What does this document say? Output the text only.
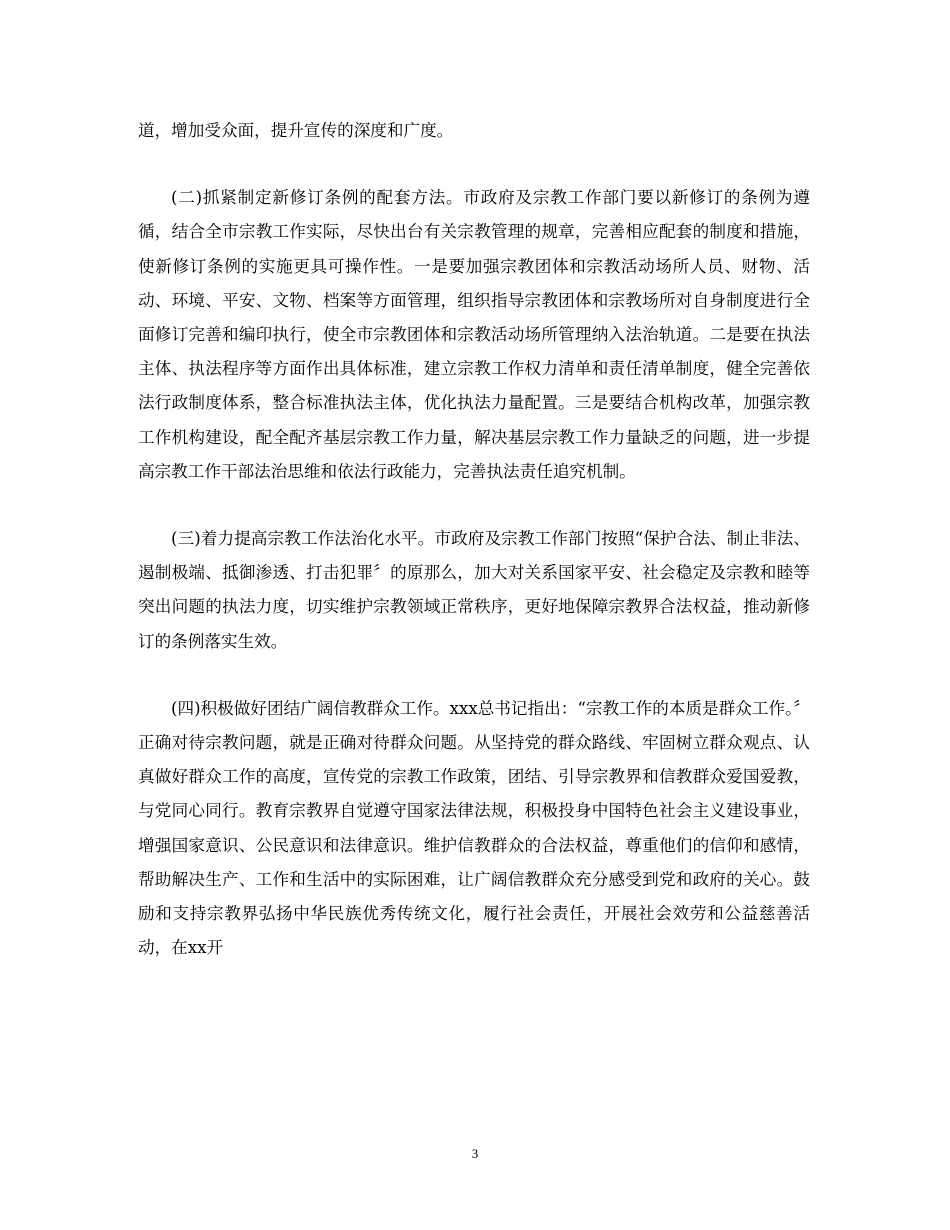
道，增加受众面，提升宣传的深度和广度。

(二)抓紧制定新修订条例的配套方法。市政府及宗教工作部门要以新修订的条例为遵循，结合全市宗教工作实际，尽快出台有关宗教管理的规章，完善相应配套的制度和措施，使新修订条例的实施更具可操作性。一是要加强宗教团体和宗教活动场所人员、财物、活动、环境、平安、文物、档案等方面管理，组织指导宗教团体和宗教场所对自身制度进行全面修订完善和编印执行，使全市宗教团体和宗教活动场所管理纳入法治轨道。二是要在执法主体、执法程序等方面作出具体标准，建立宗教工作权力清单和责任清单制度，健全完善依法行政制度体系，整合标准执法主体，优化执法力量配置。三是要结合机构改革，加强宗教工作机构建设，配全配齐基层宗教工作力量，解决基层宗教工作力量缺乏的问题，进一步提高宗教工作干部法治思维和依法行政能力，完善执法责任追究机制。

(三)着力提高宗教工作法治化水平。市政府及宗教工作部门按照“保护合法、制止非法、遏制极端、抵御渗透、打击犯罪〞的原那么，加大对关系国家平安、社会稳定及宗教和睦等突出问题的执法力度，切实维护宗教领域正常秩序，更好地保障宗教界合法权益，推动新修订的条例落实生效。

(四)积极做好团结广阔信教群众工作。xxx总书记指出：“宗教工作的本质是群众工作。〞正确对待宗教问题，就是正确对待群众问题。从坚持党的群众路线、牢固树立群众观点、认真做好群众工作的高度，宣传党的宗教工作政策，团结、引导宗教界和信教群众爱国爱教，与党同心同行。教育宗教界自觉遵守国家法律法规，积极投身中国特色社会主义建设事业，增强国家意识、公民意识和法律意识。维护信教群众的合法权益，尊重他们的信仰和感情，帮助解决生产、工作和生活中的实际困难，让广阔信教群众充分感受到党和政府的关心。鼓励和支持宗教界弘扬中华民族优秀传统文化，履行社会责任，开展社会效劳和公益慈善活动，在xx开

3
